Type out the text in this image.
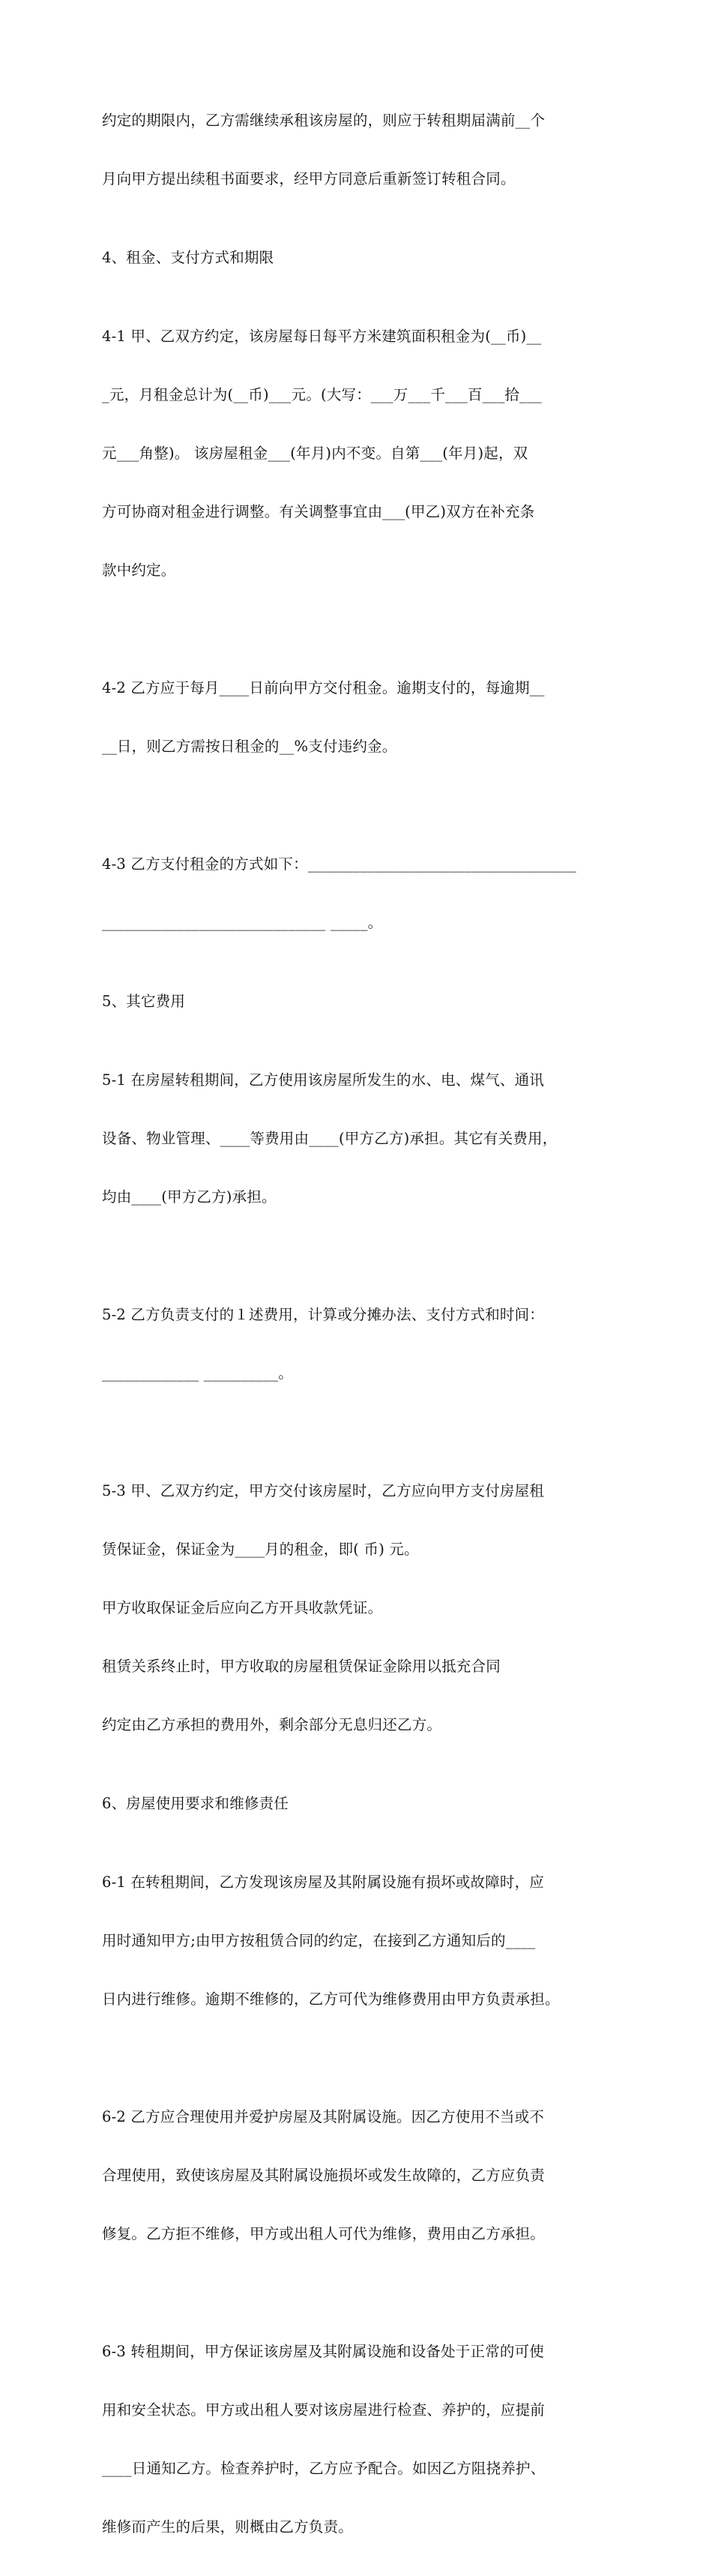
约定的期限内，乙方需继续承租该房屋的，则应于转租期届满前__个

月向甲方提出续租书面要求，经甲方同意后重新签订转租合同。

4、租金、支付方式和期限

4-1 甲、乙双方约定，该房屋每日每平方米建筑面积租金为(__币)__

_元，月租金总计为(__币)___元。(大写：___万___千___百___拾___

元___角整)。 该房屋租金___(年月)内不变。自第___(年月)起，双

方可协商对租金进行调整。有关调整事宜由___(甲乙)双方在补充条

款中约定。

4-2 乙方应于每月____日前向甲方交付租金。逾期支付的，每逾期__

__日，则乙方需按日租金的__%支付违约金。

4-3 乙方支付租金的方式如下：____________________________________

______________________________ _____。

5、其它费用

5-1 在房屋转租期间，乙方使用该房屋所发生的水、电、煤气、通讯

设备、物业管理、____等费用由____(甲方乙方)承担。其它有关费用，

均由____(甲方乙方)承担。

5-2 乙方负责支付的１述费用，计算或分摊办法、支付方式和时间：

_____________ __________。

5-3 甲、乙双方约定，甲方交付该房屋时，乙方应向甲方支付房屋租

赁保证金，保证金为____月的租金，即( 币) 元。

甲方收取保证金后应向乙方开具收款凭证。

租赁关系终止时，甲方收取的房屋租赁保证金除用以抵充合同

约定由乙方承担的费用外，剩余部分无息归还乙方。

6、房屋使用要求和维修责任

6-1 在转租期间，乙方发现该房屋及其附属设施有损坏或故障时，应

用时通知甲方;由甲方按租赁合同的约定，在接到乙方通知后的____

日内进行维修。逾期不维修的，乙方可代为维修费用由甲方负责承担。

6-2 乙方应合理使用并爱护房屋及其附属设施。因乙方使用不当或不

合理使用，致使该房屋及其附属设施损坏或发生故障的，乙方应负责

修复。乙方拒不维修，甲方或出租人可代为维修，费用由乙方承担。

6-3 转租期间，甲方保证该房屋及其附属设施和设备处于正常的可使

用和安全状态。甲方或出租人要对该房屋进行检查、养护的，应提前

____日通知乙方。检查养护时，乙方应予配合。如因乙方阻挠养护、

维修而产生的后果，则概由乙方负责。
